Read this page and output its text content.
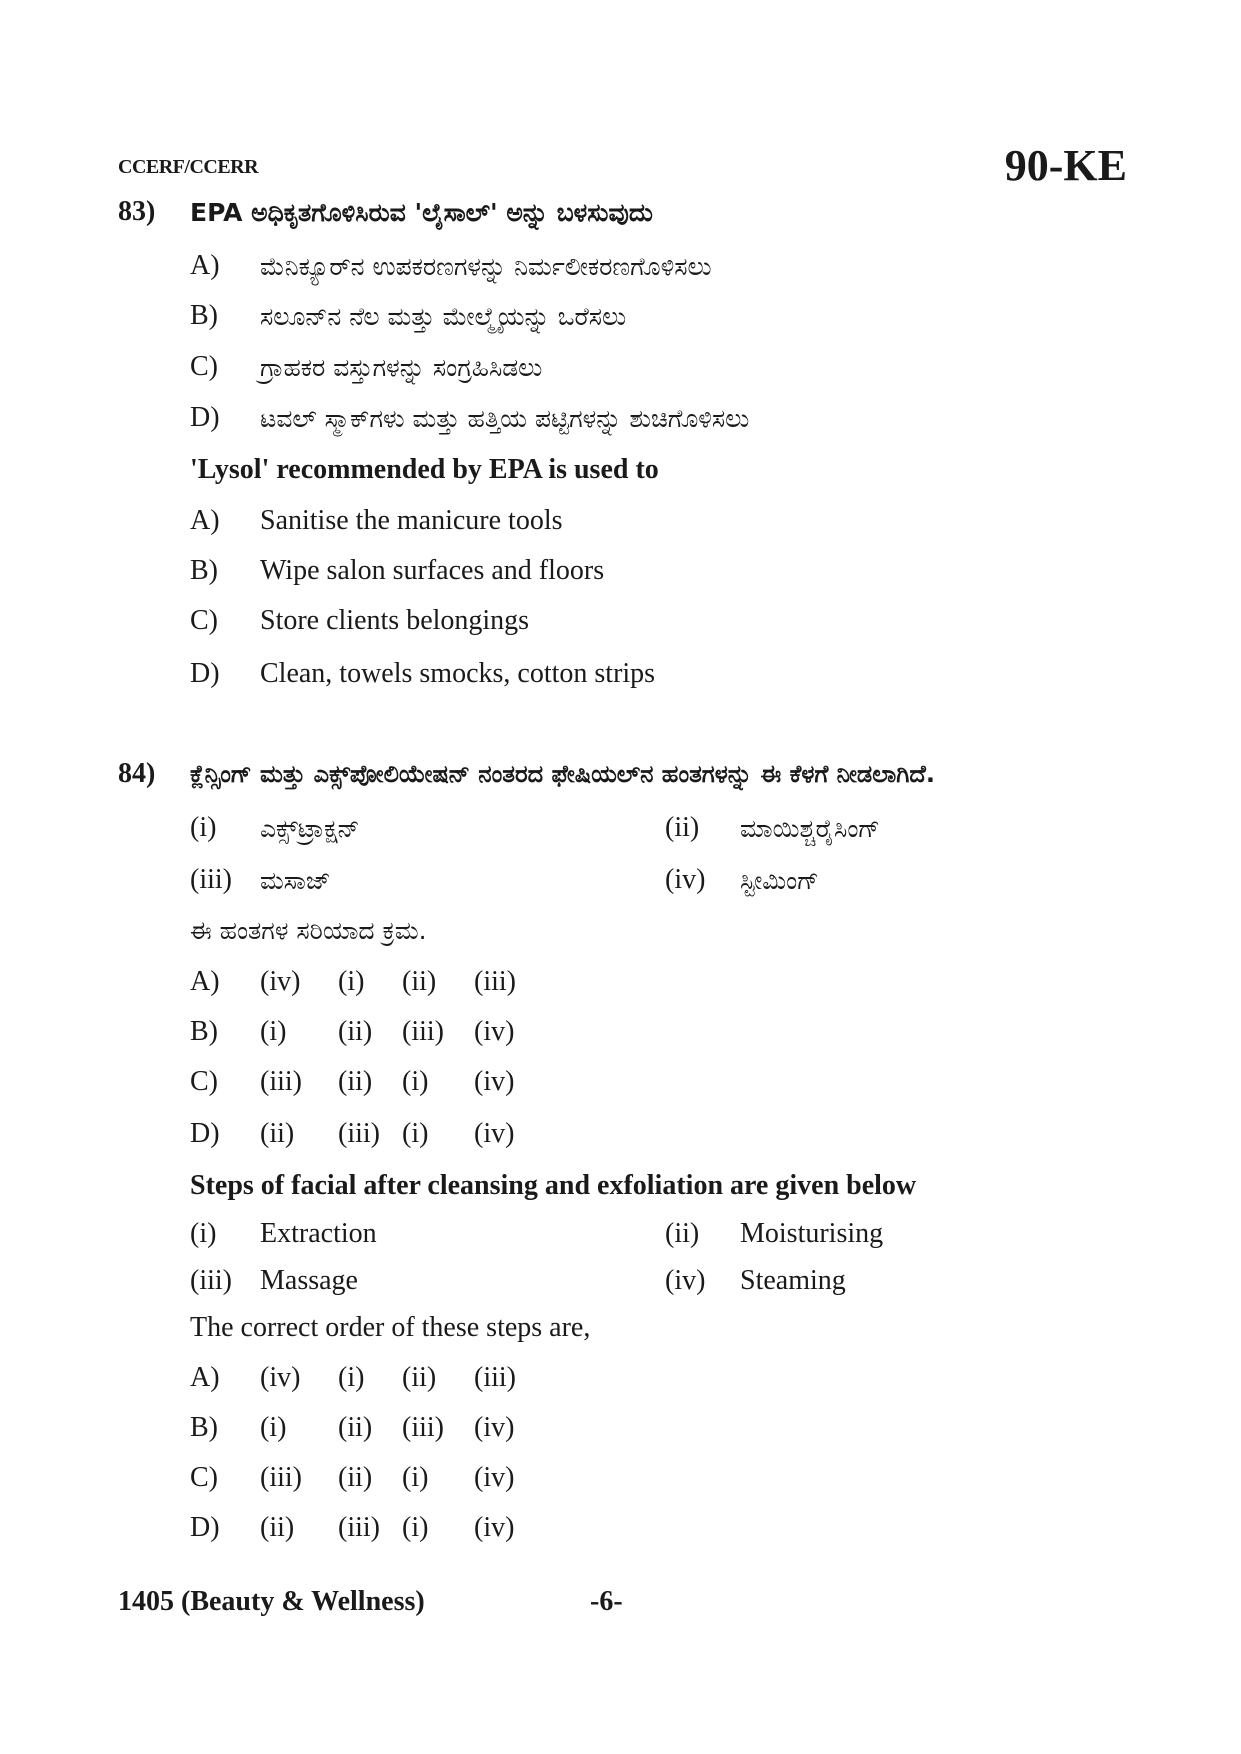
CCERF/CCERR	90-KE
83) EPA ಅಧಿಕೃತಗೊಳಿಸಿರುವ 'ಲೈಸಾಲ್' ಅನ್ನು ಬಳಸುವುದು
A) ಮೆನಿಕ್ಯೂರ್‌ನ ಉಪಕರಣಗಳನ್ನು ನಿರ್ಮಲೀಕರಣಗೊಳಿಸಲು
B) ಸಲೂನ್‌ನ ನೆಲ ಮತ್ತು ಮೇಲ್ಮೈಯನ್ನು ಒರೆಸಲು
C) ಗ್ರಾಹಕರ ವಸ್ತುಗಳನ್ನು ಸಂಗ್ರಹಿಸಿಡಲು
D) ಟವಲ್ ಸ್ಮಾಕ್‌ಗಳು ಮತ್ತು ಹತ್ತಿಯ ಪಟ್ಟಿಗಳನ್ನು ಶುಚಿಗೊಳಿಸಲು
'Lysol' recommended by EPA is used to
A) Sanitise the manicure tools
B) Wipe salon surfaces and floors
C) Store clients belongings
D) Clean, towels smocks, cotton strips
84) ಕ್ಲೆನ್ಸಿಂಗ್ ಮತ್ತು ಎಕ್ಸ್‌ಪೋಲಿಯೇಷನ್ ನಂತರದ ಫೇಷಿಯಲ್‌ನ ಹಂತಗಳನ್ನು ಈ ಕೆಳಗೆ ನೀಡಲಾಗಿದೆ.
(i) ಎಕ್ಸ್‌ಟ್ರಾಕ್ಷನ್	(ii) ಮಾಯಿಶ್ಚರೈಸಿಂಗ್
(iii) ಮಸಾಜ್	(iv) ಸ್ಟೀಮಿಂಗ್
ಈ ಹಂತಗಳ ಸರಿಯಾದ ಕ್ರಮ.
A) (iv) (i) (ii) (iii)
B) (i) (ii) (iii) (iv)
C) (iii) (ii) (i) (iv)
D) (ii) (iii) (i) (iv)
Steps of facial after cleansing and exfoliation are given below
(i) Extraction	(ii) Moisturising
(iii) Massage	(iv) Steaming
The correct order of these steps are,
A) (iv) (i) (ii) (iii)
B) (i) (ii) (iii) (iv)
C) (iii) (ii) (i) (iv)
D) (ii) (iii) (i) (iv)
1405 (Beauty & Wellness)	-6-
